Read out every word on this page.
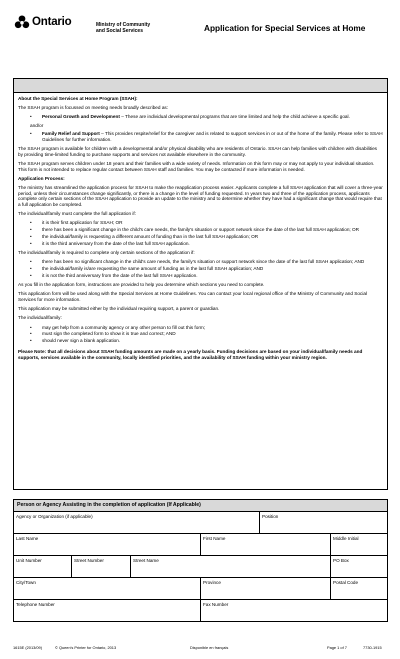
Ontario	Ministry of Community
and Social Services	Application for Special Services at Home

About the Special Services at Home Program (SSAH):

The SSAH program is focussed on meeting needs broadly described as:

• Personal Growth and Development – These are individual developmental programs that are time limited and help the child achieve a specific goal.

and/or

• Family Relief and Support – This provides respite/relief for the caregiver and is related to support services in or out of the home of the family. Please refer to SSAH Guidelines for further information.

The SSAH program is available for children with a developmental and/or physical disability who are residents of Ontario. SSAH can help families with children with disabilities by providing time-limited funding to purchase supports and services not available elsewhere in the community.

The SSAH program serves children under 18 years and their families with a wide variety of needs. Information on this form may or may not apply to your individual situation. This form is not intended to replace regular contact between SSAH staff and families. You may be contacted if more information is needed.

Application Process:

The ministry has streamlined the application process for SSAH to make the reapplication process easier. Applicants complete a full SSAH application that will cover a three-year period, unless their circumstances change significantly, or there is a change in the level of funding requested. In years two and three of the application process, applicants complete only certain sections of the SSAH application to provide an update to the ministry and to determine whether they have had a significant change that would require that a full application be completed.

The individual/family must complete the full application if:

• it is their first application for SSAH; OR
• there has been a significant change in the child's care needs, the family's situation or support network since the date of the last full SSAH application; OR
• the individual/family is requesting a different amount of funding than in the last full SSAH application; OR
• it is the third anniversary from the date of the last full SSAH application.

The individual/family is required to complete only certain sections of the application if:

• there has been no significant change in the child's care needs, the family's situation or support network since the date of the last full SSAH application; AND
• the individual/family is/are requesting the same amount of funding as in the last full SSAH application; AND
• it is not the third anniversary from the date of the last full SSAH application.

As you fill in the application form, instructions are provided to help you determine which sections you need to complete.

This application form will be used along with the Special Services at Home Guidelines. You can contact your local regional office of the Ministry of Community and Social Services for more information.

This application may be submitted either by the individual requiring support, a parent or guardian.

The individual/family:

• may get help from a community agency or any other person to fill out this form;
• must sign the completed form to show it is true and correct; AND
• should never sign a blank application.

Please Note: that all decisions about SSAH funding amounts are made on a yearly basis. Funding decisions are based on your individual/family needs and supports, services available in the community, locally identified priorities, and the availability of SSAH funding within your ministry region.

Person or Agency Assisting in the completion of application (If Applicable)
Agency or Organization (if applicable)	Position
Last Name	First Name	Middle Initial
Unit Number	Street Number	Street Name	PO Box
City/Town	Province	Postal Code
Telephone Number	Fax Number
1615E (2013/09)	© Queen's Printer for Ontario, 2013	Disponible en français	Page 1 of 7	7730-1915
